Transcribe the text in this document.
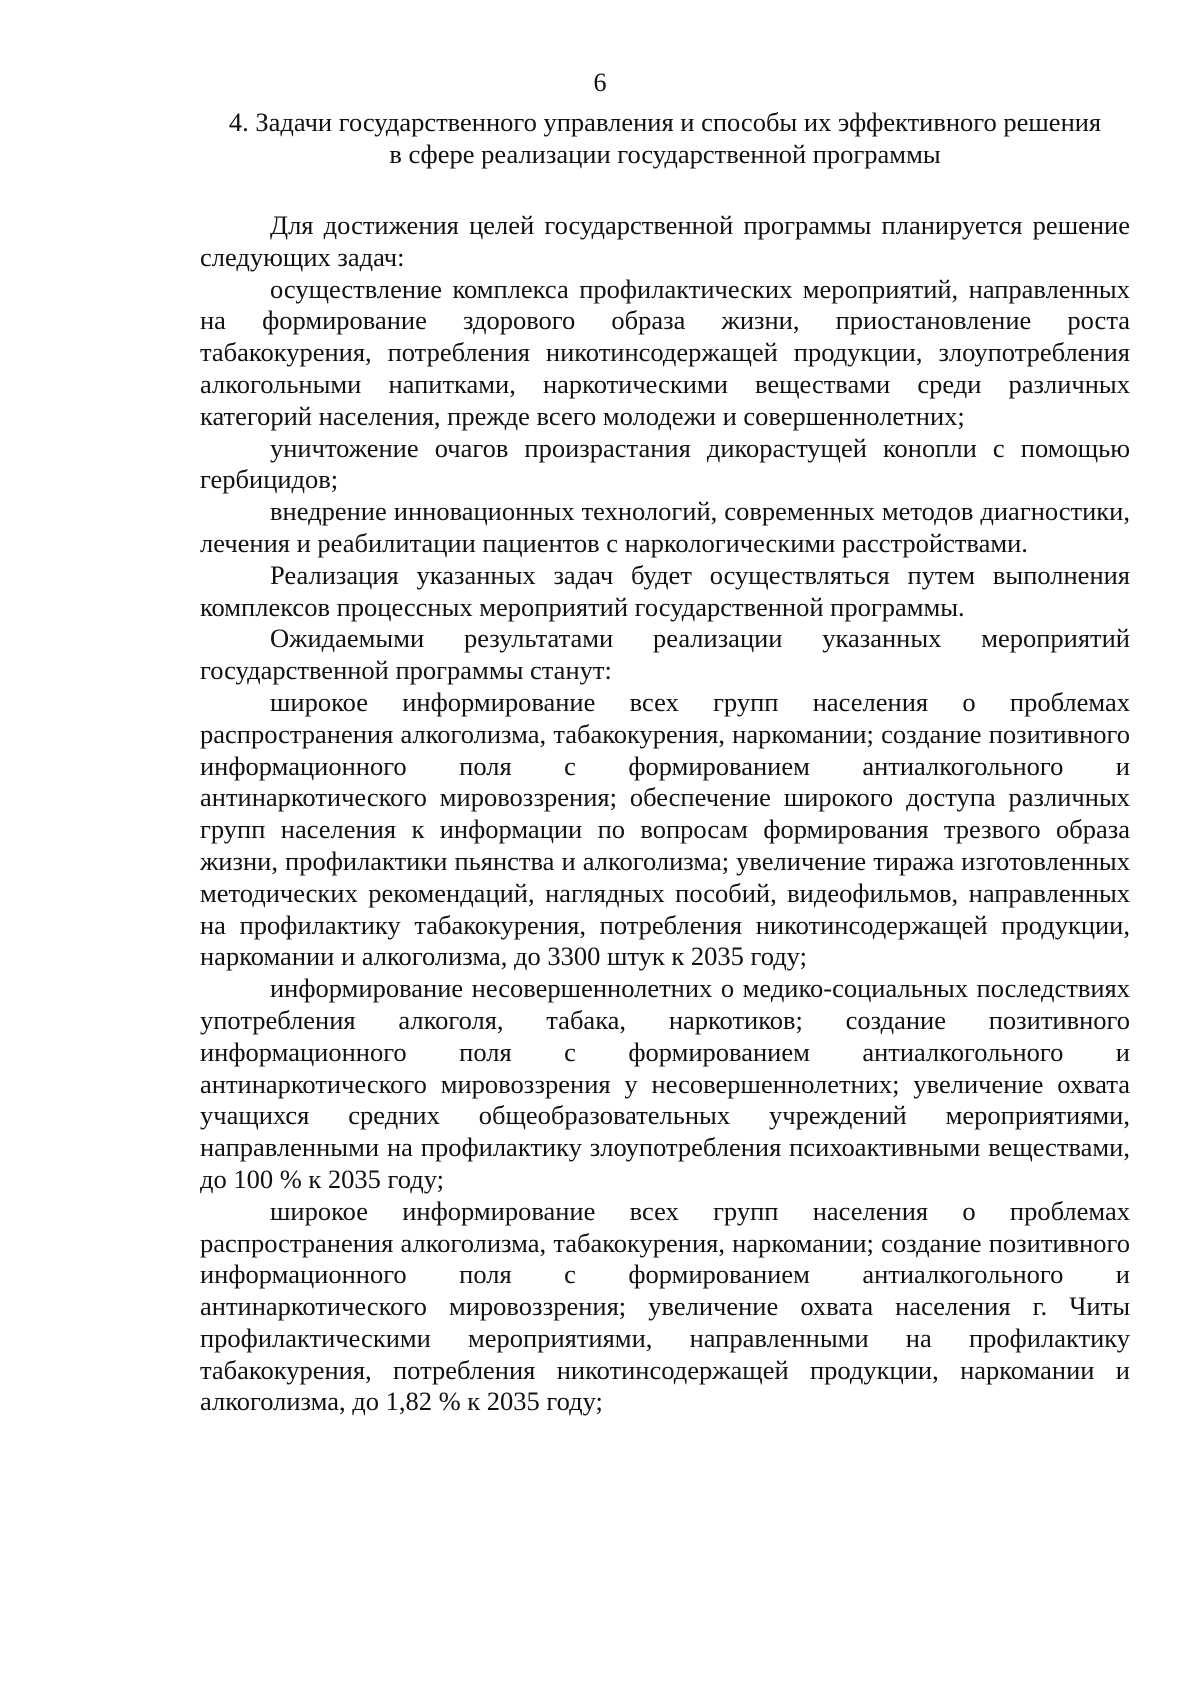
6
4. Задачи государственного управления и способы их эффективного решения
в сфере реализации государственной программы

Для достижения целей государственной программы планируется решение следующих задач:

осуществление комплекса профилактических мероприятий, направленных на формирование здорового образа жизни, приостановление роста табакокурения, потребления никотинсодержащей продукции, злоупотребления алкогольными напитками, наркотическими веществами среди различных категорий населения, прежде всего молодежи и совершеннолетних;

уничтожение очагов произрастания дикорастущей конопли с помощью гербицидов;

внедрение инновационных технологий, современных методов диагностики, лечения и реабилитации пациентов с наркологическими расстройствами.

Реализация указанных задач будет осуществляться путем выполнения комплексов процессных мероприятий государственной программы.

Ожидаемыми результатами реализации указанных мероприятий государственной программы станут:

широкое информирование всех групп населения о проблемах распространения алкоголизма, табакокурения, наркомании; создание позитивного информационного поля с формированием антиалкогольного и антинаркотического мировоззрения; обеспечение широкого доступа различных групп населения к информации по вопросам формирования трезвого образа жизни, профилактики пьянства и алкоголизма; увеличение тиража изготовленных методических рекомендаций, наглядных пособий, видеофильмов, направленных на профилактику табакокурения, потребления никотинсодержащей продукции, наркомании и алкоголизма, до 3300 штук к 2035 году;

информирование несовершеннолетних о медико-социальных последствиях употребления алкоголя, табака, наркотиков; создание позитивного информационного поля с формированием антиалкогольного и антинаркотического мировоззрения у несовершеннолетних; увеличение охвата учащихся средних общеобразовательных учреждений мероприятиями, направленными на профилактику злоупотребления психоактивными веществами, до 100 % к 2035 году;

широкое информирование всех групп населения о проблемах распространения алкоголизма, табакокурения, наркомании; создание позитивного информационного поля с формированием антиалкогольного и антинаркотического мировоззрения; увеличение охвата населения г. Читы профилактическими мероприятиями, направленными на профилактику табакокурения, потребления никотинсодержащей продукции, наркомании и алкоголизма, до 1,82 % к 2035 году;
